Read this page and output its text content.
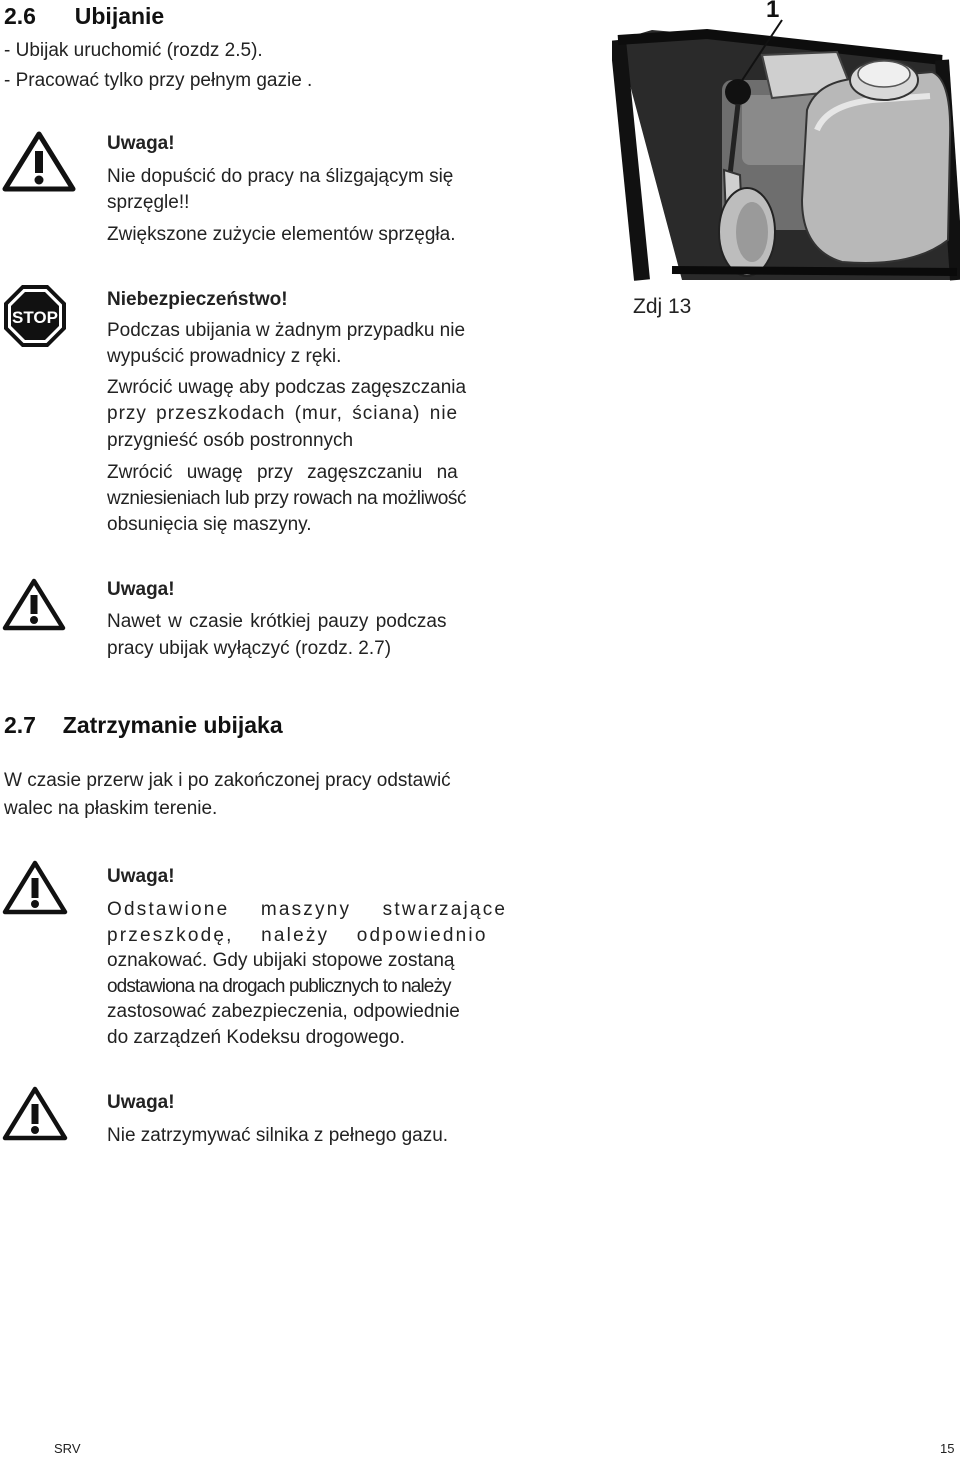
2.6 Ubijanie
- Ubijak uruchomić (rozdz 2.5).
- Pracować tylko przy pełnym gazie .
Uwaga!
Nie dopuścić do pracy na ślizgającym się
sprzęgle!!
Zwiększone zużycie elementów sprzęgła.
STOP
Niebezpieczeństwo!
Podczas ubijania w żadnym przypadku nie
wypuścić prowadnicy z ręki.
Zwrócić uwagę aby podczas zagęszczania
przy przeszkodach (mur, ściana) nie
przygnieść osób postronnych
Zwrócić uwagę przy zagęszczaniu na
wzniesieniach lub przy rowach na możliwość
obsunięcia się maszyny.
Uwaga!
Nawet w czasie krótkiej pauzy podczas
pracy ubijak wyłączyć (rozdz. 2.7)
1
Zdj 13
2.7 Zatrzymanie ubijaka
W czasie przerw jak i po zakończonej pracy odstawić
walec na płaskim terenie.
Uwaga!
Odstawione maszyny stwarzające
przeszkodę, należy odpowiednio
oznakować. Gdy ubijaki stopowe zostaną
odstawiona na drogach publicznych to należy
zastosować zabezpieczenia, odpowiednie
do zarządzeń Kodeksu drogowego.
Uwaga!
Nie zatrzymywać silnika z pełnego gazu.
SRV	15
